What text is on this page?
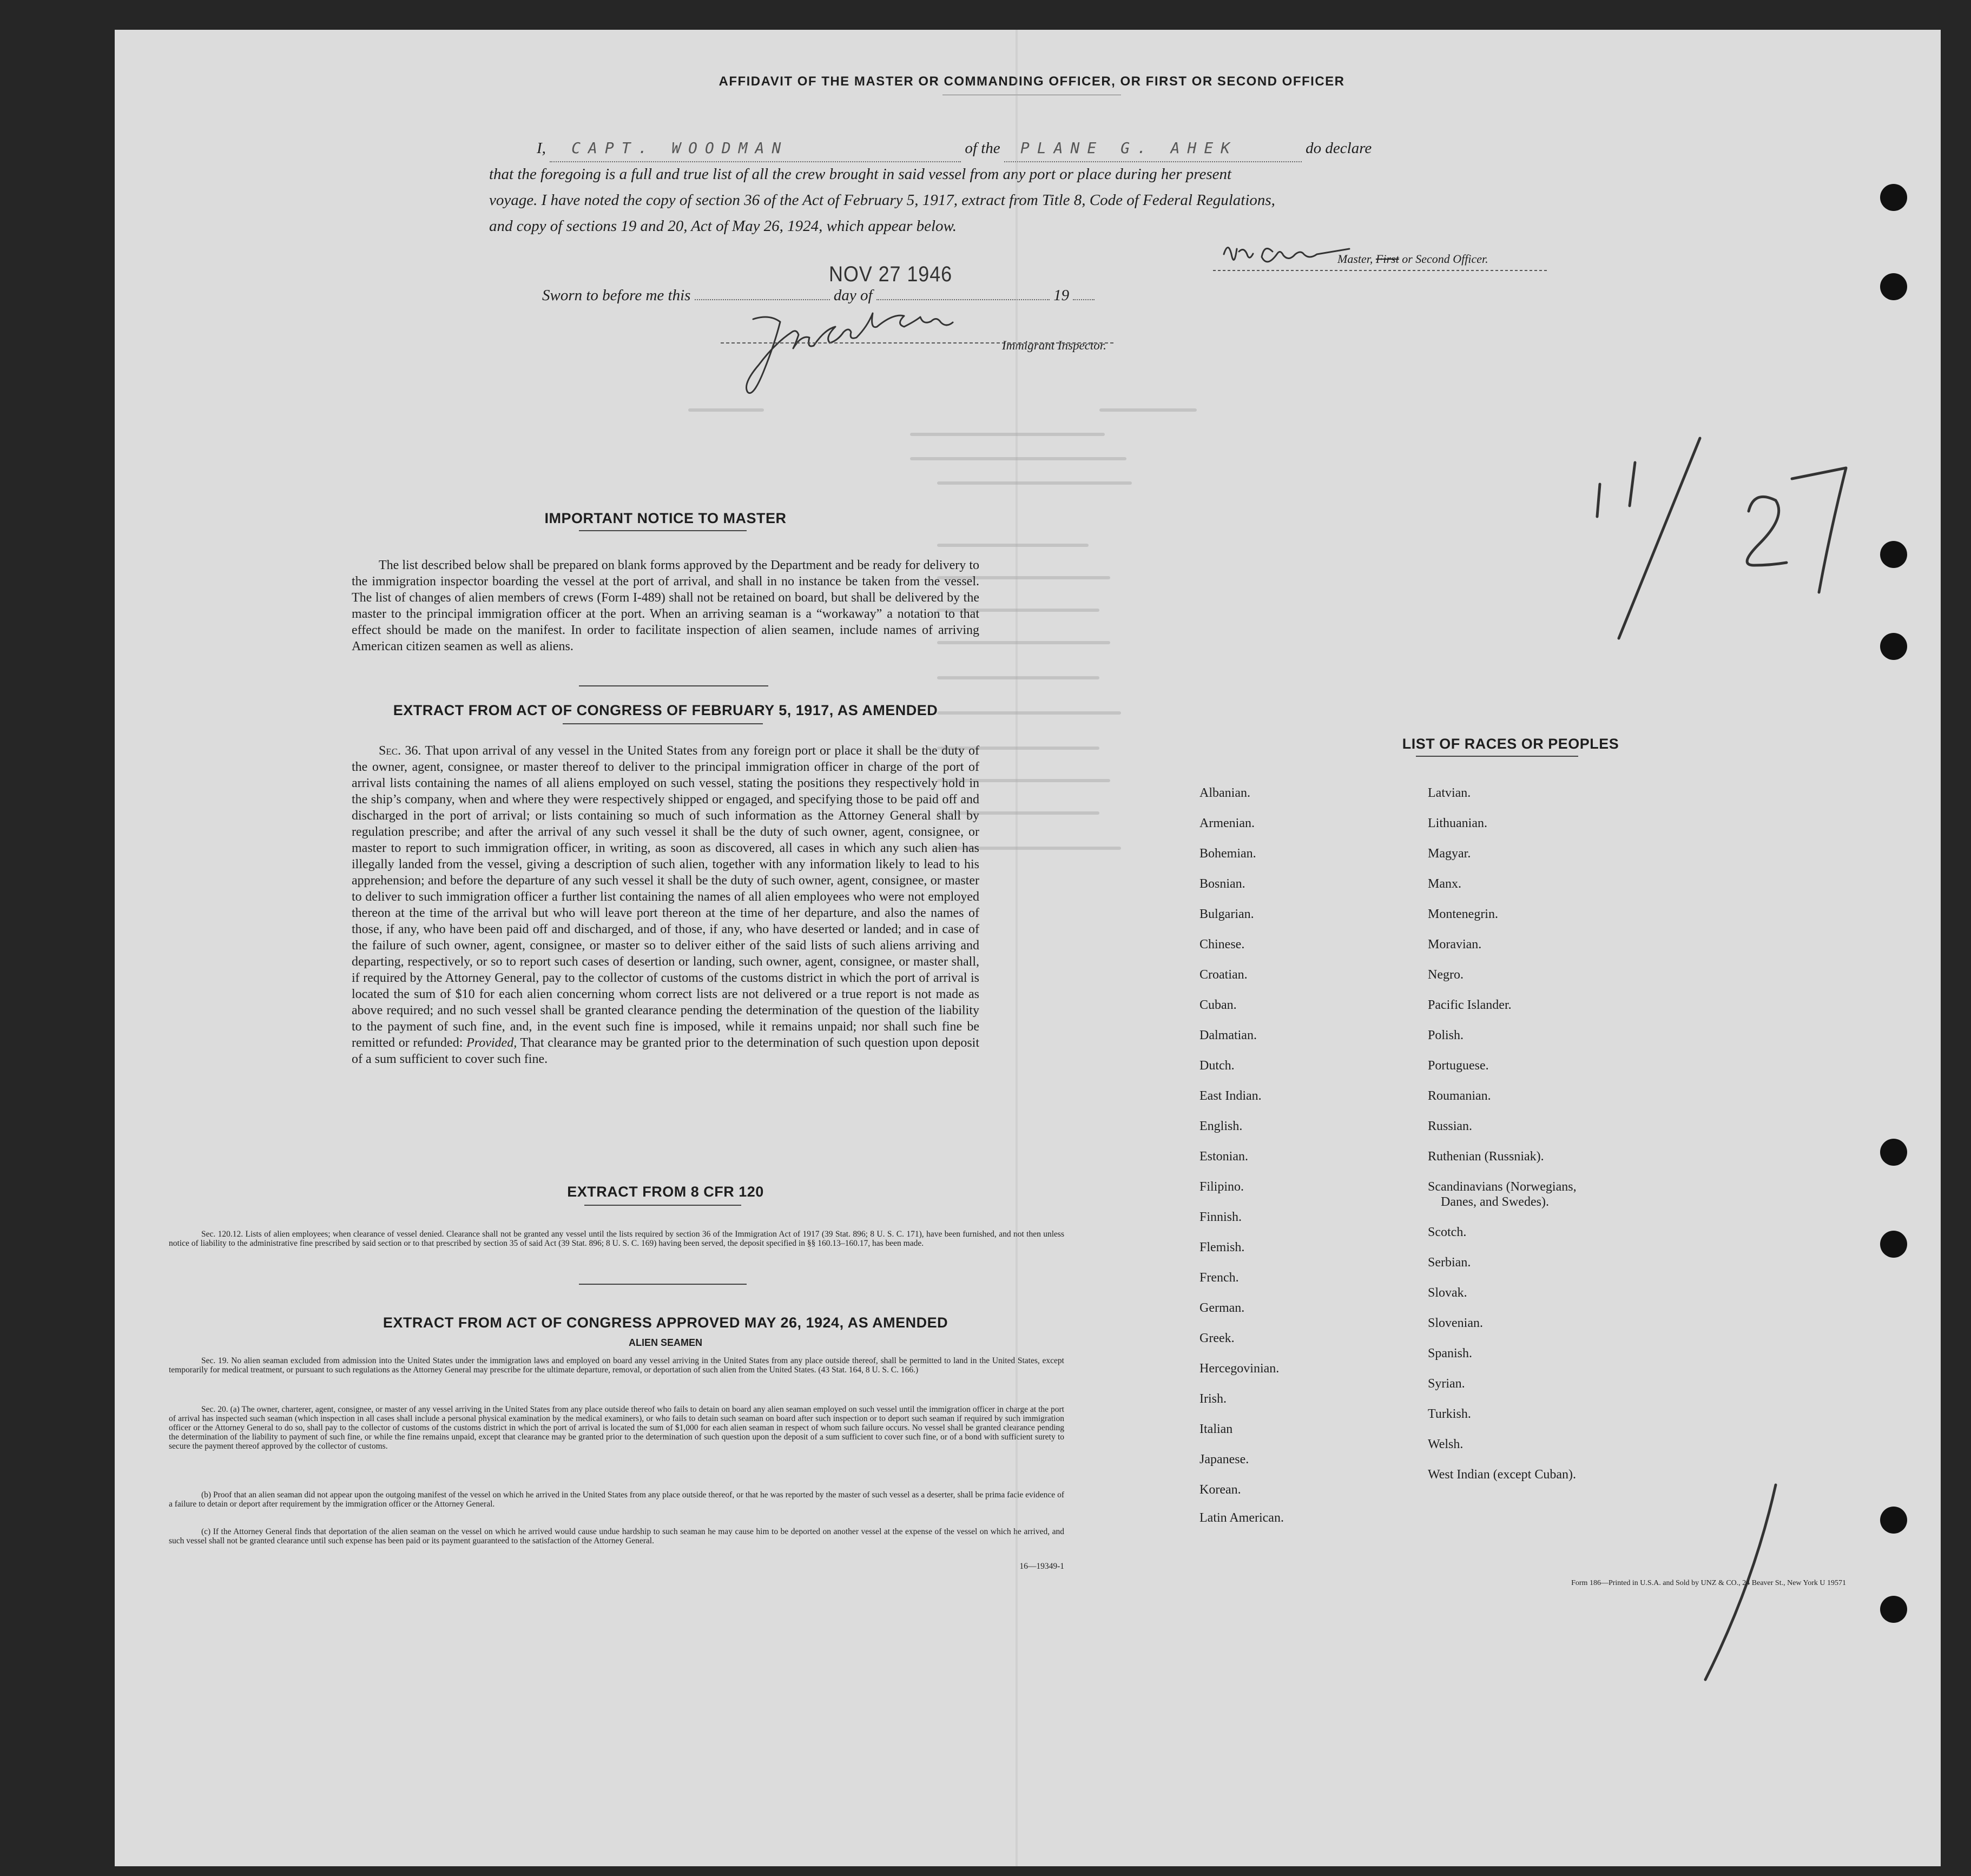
AFFIDAVIT OF THE MASTER OR COMMANDING OFFICER, OR FIRST OR SECOND OFFICER
I, CAPT. WOODMAN	of the PLANE G. AHEK	do declare
that the foregoing is a full and true list of all the crew brought in said vessel from any port or place during her present
voyage. I have noted the copy of section 36 of the Act of February 5, 1917, extract from Title 8, Code of Federal Regulations,
and copy of sections 19 and 20, Act of May 26, 1924, which appear below.
Master, First or Second Officer.
NOV 27 1946
Sworn to before me this	day of	19
Immigrant Inspector.
IMPORTANT NOTICE TO MASTER
The list described below shall be prepared on blank forms approved by the Department and be ready for delivery to the immigration inspector boarding the vessel at the port of arrival, and shall in no instance be taken from the vessel. The list of changes of alien members of crews (Form I-489) shall not be retained on board, but shall be delivered by the master to the principal immigration officer at the port. When an arriving seaman is a “workaway” a notation to that effect should be made on the manifest. In order to facilitate inspection of alien seamen, include names of arriving American citizen seamen as well as aliens.
EXTRACT FROM ACT OF CONGRESS OF FEBRUARY 5, 1917, AS AMENDED
Sec. 36. That upon arrival of any vessel in the United States from any foreign port or place it shall be the duty of the owner, agent, consignee, or master thereof to deliver to the principal immigration officer in charge of the port of arrival lists containing the names of all aliens employed on such vessel, stating the positions they respectively hold in the ship’s company, when and where they were respectively shipped or engaged, and specifying those to be paid off and discharged in the port of arrival; or lists containing so much of such information as the Attorney General shall by regulation prescribe; and after the arrival of any such vessel it shall be the duty of such owner, agent, consignee, or master to report to such immigration officer, in writing, as soon as discovered, all cases in which any such alien has illegally landed from the vessel, giving a description of such alien, together with any information likely to lead to his apprehension; and before the departure of any such vessel it shall be the duty of such owner, agent, consignee, or master to deliver to such immigration officer a further list containing the names of all alien employees who were not employed thereon at the time of the arrival but who will leave port thereon at the time of her departure, and also the names of those, if any, who have been paid off and discharged, and of those, if any, who have deserted or landed; and in case of the failure of such owner, agent, consignee, or master so to deliver either of the said lists of such aliens arriving and departing, respectively, or so to report such cases of desertion or landing, such owner, agent, consignee, or master shall, if required by the Attorney General, pay to the collector of customs of the customs district in which the port of arrival is located the sum of $10 for each alien concerning whom correct lists are not delivered or a true report is not made as above required; and no such vessel shall be granted clearance pending the determination of the question of the liability to the payment of such fine, and, in the event such fine is imposed, while it remains unpaid; nor shall such fine be remitted or refunded: Provided, That clearance may be granted prior to the determination of such question upon deposit of a sum sufficient to cover such fine.
EXTRACT FROM 8 CFR 120
Sec. 120.12. Lists of alien employees; when clearance of vessel denied. Clearance shall not be granted any vessel until the lists required by section 36 of the Immigration Act of 1917 (39 Stat. 896; 8 U. S. C. 171), have been furnished, and not then unless notice of liability to the administrative fine prescribed by said section or to that prescribed by section 35 of said Act (39 Stat. 896; 8 U. S. C. 169) having been served, the deposit specified in §§ 160.13–160.17, has been made.
EXTRACT FROM ACT OF CONGRESS APPROVED MAY 26, 1924, AS AMENDED
ALIEN SEAMEN
Sec. 19. No alien seaman excluded from admission into the United States under the immigration laws and employed on board any vessel arriving in the United States from any place outside thereof, shall be permitted to land in the United States, except temporarily for medical treatment, or pursuant to such regulations as the Attorney General may prescribe for the ultimate departure, removal, or deportation of such alien from the United States. (43 Stat. 164, 8 U. S. C. 166.)
Sec. 20. (a) The owner, charterer, agent, consignee, or master of any vessel arriving in the United States from any place outside thereof who fails to detain on board any alien seaman employed on such vessel until the immigration officer in charge at the port of arrival has inspected such seaman (which inspection in all cases shall include a personal physical examination by the medical examiners), or who fails to detain such seaman on board after such inspection or to deport such seaman if required by such immigration officer or the Attorney General to do so, shall pay to the collector of customs of the customs district in which the port of arrival is located the sum of $1,000 for each alien seaman in respect of whom such failure occurs. No vessel shall be granted clearance pending the determination of the liability to payment of such fine, or while the fine remains unpaid, except that clearance may be granted prior to the determination of such question upon the deposit of a sum sufficient to cover such fine, or of a bond with sufficient surety to secure the payment thereof approved by the collector of customs.
(b) Proof that an alien seaman did not appear upon the outgoing manifest of the vessel on which he arrived in the United States from any place outside thereof, or that he was reported by the master of such vessel as a deserter, shall be prima facie evidence of a failure to detain or deport after requirement by the immigration officer or the Attorney General.
(c) If the Attorney General finds that deportation of the alien seaman on the vessel on which he arrived would cause undue hardship to such seaman he may cause him to be deported on another vessel at the expense of the vessel on which he arrived, and such vessel shall not be granted clearance until such expense has been paid or its payment guaranteed to the satisfaction of the Attorney General.
16—19349-1
LIST OF RACES OR PEOPLES
Albanian.
Armenian.
Bohemian.
Bosnian.
Bulgarian.
Chinese.
Croatian.
Cuban.
Dalmatian.
Dutch.
East Indian.
English.
Estonian.
Filipino.
Finnish.
Flemish.
French.
German.
Greek.
Hercegovinian.
Irish.
Italian
Japanese.
Korean.
Latin American.
Latvian.
Lithuanian.
Magyar.
Manx.
Montenegrin.
Moravian.
Negro.
Pacific Islander.
Polish.
Portuguese.
Roumanian.
Russian.
Ruthenian (Russniak).
Scandinavians (Norwegians,
Danes, and Swedes).
Scotch.
Serbian.
Slovak.
Slovenian.
Spanish.
Syrian.
Turkish.
Welsh.
West Indian (except Cuban).
Form 186—Printed in U.S.A. and Sold by UNZ & CO., 24 Beaver St., New York U 19571
